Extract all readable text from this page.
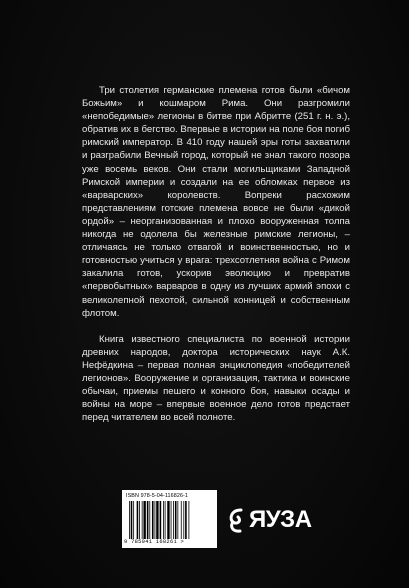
Три столетия германские племена готов были «бичом Божьим» и кошмаром Рима. Они разгромили «непобедимые» легионы в битве при Абритте (251 г. н. э.), обратив их в бегство. Впервые в истории на поле боя погиб римский император. В 410 году нашей эры готы захватили и разграбили Вечный город, который не знал такого позора уже восемь веков. Они стали могильщиками Западной Римской империи и создали на ее обломках первое из «варварских» королевств. Вопреки расхожим представлениям готские племена вовсе не были «дикой ордой» – неорганизованная и плохо вооруженная толпа никогда не одолела бы железные римские легионы, – отличаясь не только отвагой и воинственностью, но и готовностью учиться у врага: трехсотлетняя война с Римом закалила готов, ускорив эволюцию и превратив «первобытных» варваров в одну из лучших армий эпохи с великолепной пехотой, сильной конницей и собственным флотом.

Книга известного специалиста по военной истории древних народов, доктора исторических наук А.К. Нефёдкина – первая полная энциклопедия «победителей легионов». Вооружение и организация, тактика и воинские обычаи, приемы пешего и конного боя, навыки осады и войны на море – впервые военное дело готов предстает перед читателем во всей полноте.

ISBN 978-5-04-116826-1
9 785041 168261 >
ЯУЗА
